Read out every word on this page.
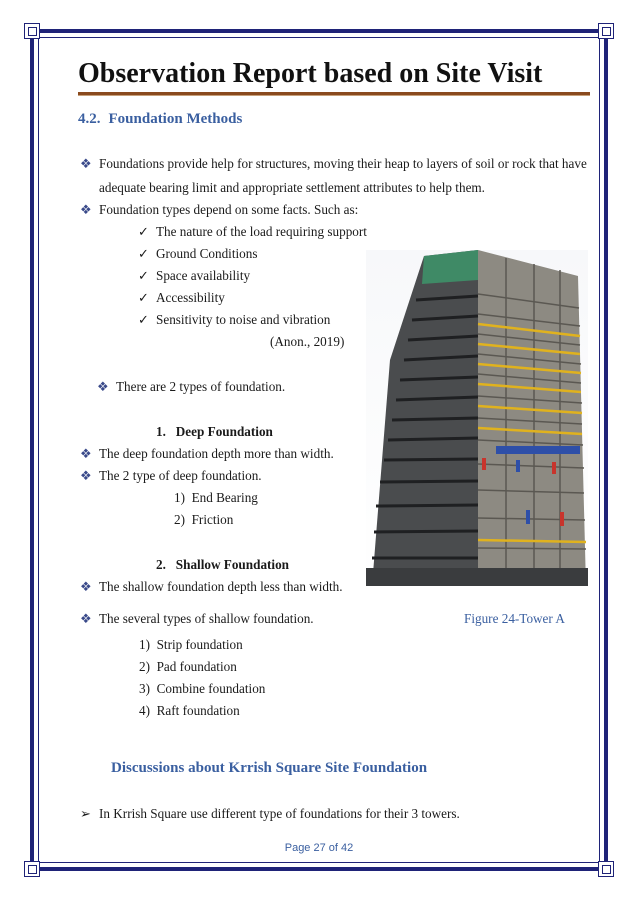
Observation Report based on Site Visit
4.2. Foundation Methods
❖ Foundations provide help for structures, moving their heap to layers of soil or rock that have
adequate bearing limit and appropriate settlement attributes to help them.
❖ Foundation types depend on some facts. Such as:
✓ The nature of the load requiring support
✓ Ground Conditions
✓ Space availability
✓ Accessibility
✓ Sensitivity to noise and vibration
(Anon., 2019)
❖ There are 2 types of foundation.
1. Deep Foundation
❖ The deep foundation depth more than width.
❖ The 2 type of deep foundation.
1) End Bearing
2) Friction
2. Shallow Foundation
❖ The shallow foundation depth less than width.
❖ The several types of shallow foundation.	Figure 24-Tower A
1) Strip foundation
2) Pad foundation
3) Combine foundation
4) Raft foundation
Discussions about Krrish Square Site Foundation
➢ In Krrish Square use different type of foundations for their 3 towers.
Page 27 of 42
